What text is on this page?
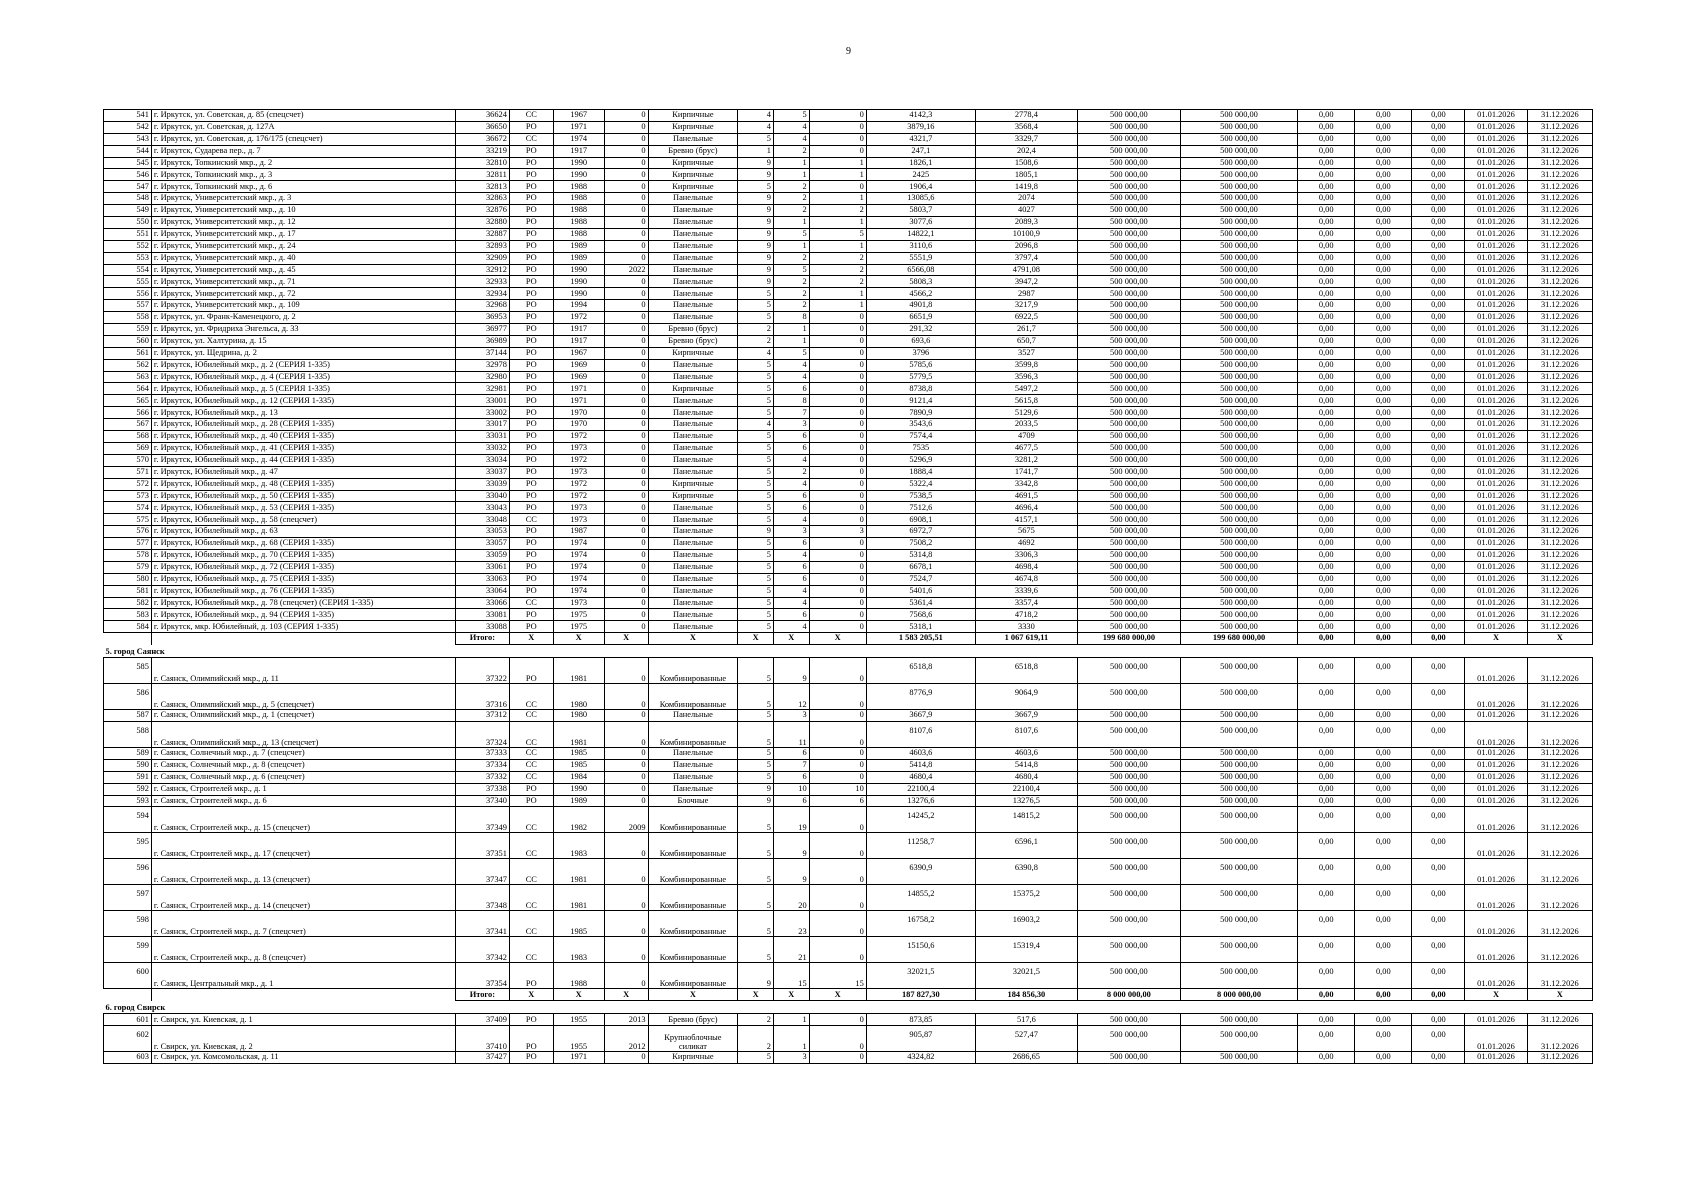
9
541	г. Иркутск, ул. Советская, д. 85 (спецсчет)	36624	СС	1967	0	Кирпичные	4	5	0	4142,3	2778,4	500 000,00	500 000,00	0,00	0,00	0,00	01.01.2026	31.12.2026
542	г. Иркутск, ул. Советская, д. 127А	36650	РО	1971	0	Кирпичные	4	4	0	3879,16	3568,4	500 000,00	500 000,00	0,00	0,00	0,00	01.01.2026	31.12.2026
543	г. Иркутск, ул. Советская, д. 176/175 (спецсчет)	36672	СС	1974	0	Панельные	5	4	0	4321,7	3329,7	500 000,00	500 000,00	0,00	0,00	0,00	01.01.2026	31.12.2026
544	г. Иркутск, Сударева пер., д. 7	33219	РО	1917	0	Бревно (брус)	1	2	0	247,1	202,4	500 000,00	500 000,00	0,00	0,00	0,00	01.01.2026	31.12.2026
545	г. Иркутск, Топкинский мкр., д. 2	32810	РО	1990	0	Кирпичные	9	1	1	1826,1	1508,6	500 000,00	500 000,00	0,00	0,00	0,00	01.01.2026	31.12.2026
546	г. Иркутск, Топкинский мкр., д. 3	32811	РО	1990	0	Кирпичные	9	1	1	2425	1805,1	500 000,00	500 000,00	0,00	0,00	0,00	01.01.2026	31.12.2026
547	г. Иркутск, Топкинский мкр., д. 6	32813	РО	1988	0	Кирпичные	5	2	0	1906,4	1419,8	500 000,00	500 000,00	0,00	0,00	0,00	01.01.2026	31.12.2026
548	г. Иркутск, Университетский мкр., д. 3	32863	РО	1988	0	Панельные	9	2	1	13085,6	2074	500 000,00	500 000,00	0,00	0,00	0,00	01.01.2026	31.12.2026
549	г. Иркутск, Университетский мкр., д. 10	32876	РО	1988	0	Панельные	9	2	2	5803,7	4027	500 000,00	500 000,00	0,00	0,00	0,00	01.01.2026	31.12.2026
550	г. Иркутск, Университетский мкр., д. 12	32880	РО	1988	0	Панельные	9	1	1	3077,6	2089,3	500 000,00	500 000,00	0,00	0,00	0,00	01.01.2026	31.12.2026
551	г. Иркутск, Университетский мкр., д. 17	32887	РО	1988	0	Панельные	9	5	5	14822,1	10100,9	500 000,00	500 000,00	0,00	0,00	0,00	01.01.2026	31.12.2026
552	г. Иркутск, Университетский мкр., д. 24	32893	РО	1989	0	Панельные	9	1	1	3110,6	2096,8	500 000,00	500 000,00	0,00	0,00	0,00	01.01.2026	31.12.2026
553	г. Иркутск, Университетский мкр., д. 40	32909	РО	1989	0	Панельные	9	2	2	5551,9	3797,4	500 000,00	500 000,00	0,00	0,00	0,00	01.01.2026	31.12.2026
554	г. Иркутск, Университетский мкр., д. 45	32912	РО	1990	2022	Панельные	9	5	2	6566,08	4791,08	500 000,00	500 000,00	0,00	0,00	0,00	01.01.2026	31.12.2026
555	г. Иркутск, Университетский мкр., д. 71	32933	РО	1990	0	Панельные	9	2	2	5808,3	3947,2	500 000,00	500 000,00	0,00	0,00	0,00	01.01.2026	31.12.2026
556	г. Иркутск, Университетский мкр., д. 72	32934	РО	1990	0	Панельные	5	2	1	4566,2	2987	500 000,00	500 000,00	0,00	0,00	0,00	01.01.2026	31.12.2026
557	г. Иркутск, Университетский мкр., д. 109	32968	РО	1994	0	Панельные	5	2	1	4901,8	3217,9	500 000,00	500 000,00	0,00	0,00	0,00	01.01.2026	31.12.2026
558	г. Иркутск, ул. Франк-Каменецкого, д. 2	36953	РО	1972	0	Панельные	5	8	0	6651,9	6922,5	500 000,00	500 000,00	0,00	0,00	0,00	01.01.2026	31.12.2026
559	г. Иркутск, ул. Фридриха Энгельса, д. 33	36977	РО	1917	0	Бревно (брус)	2	1	0	291,32	261,7	500 000,00	500 000,00	0,00	0,00	0,00	01.01.2026	31.12.2026
560	г. Иркутск, ул. Халтурина, д. 15	36989	РО	1917	0	Бревно (брус)	2	1	0	693,6	650,7	500 000,00	500 000,00	0,00	0,00	0,00	01.01.2026	31.12.2026
561	г. Иркутск, ул. Щедрина, д. 2	37144	РО	1967	0	Кирпичные	4	5	0	3796	3527	500 000,00	500 000,00	0,00	0,00	0,00	01.01.2026	31.12.2026
562	г. Иркутск, Юбилейный мкр., д. 2 (СЕРИЯ 1-335)	32978	РО	1969	0	Панельные	5	4	0	5785,6	3599,8	500 000,00	500 000,00	0,00	0,00	0,00	01.01.2026	31.12.2026
563	г. Иркутск, Юбилейный мкр., д. 4 (СЕРИЯ 1-335)	32980	РО	1969	0	Панельные	5	4	0	5779,5	3596,3	500 000,00	500 000,00	0,00	0,00	0,00	01.01.2026	31.12.2026
564	г. Иркутск, Юбилейный мкр., д. 5 (СЕРИЯ 1-335)	32981	РО	1971	0	Кирпичные	5	6	0	8738,8	5497,2	500 000,00	500 000,00	0,00	0,00	0,00	01.01.2026	31.12.2026
565	г. Иркутск, Юбилейный мкр., д. 12 (СЕРИЯ 1-335)	33001	РО	1971	0	Панельные	5	8	0	9121,4	5615,8	500 000,00	500 000,00	0,00	0,00	0,00	01.01.2026	31.12.2026
566	г. Иркутск, Юбилейный мкр., д. 13	33002	РО	1970	0	Панельные	5	7	0	7890,9	5129,6	500 000,00	500 000,00	0,00	0,00	0,00	01.01.2026	31.12.2026
567	г. Иркутск, Юбилейный мкр., д. 28 (СЕРИЯ 1-335)	33017	РО	1970	0	Панельные	4	3	0	3543,6	2033,5	500 000,00	500 000,00	0,00	0,00	0,00	01.01.2026	31.12.2026
568	г. Иркутск, Юбилейный мкр., д. 40 (СЕРИЯ 1-335)	33031	РО	1972	0	Панельные	5	6	0	7574,4	4709	500 000,00	500 000,00	0,00	0,00	0,00	01.01.2026	31.12.2026
569	г. Иркутск, Юбилейный мкр., д. 41 (СЕРИЯ 1-335)	33032	РО	1973	0	Панельные	5	6	0	7535	4677,5	500 000,00	500 000,00	0,00	0,00	0,00	01.01.2026	31.12.2026
570	г. Иркутск, Юбилейный мкр., д. 44 (СЕРИЯ 1-335)	33034	РО	1972	0	Панельные	5	4	0	5296,9	3281,2	500 000,00	500 000,00	0,00	0,00	0,00	01.01.2026	31.12.2026
571	г. Иркутск, Юбилейный мкр., д. 47	33037	РО	1973	0	Панельные	5	2	0	1888,4	1741,7	500 000,00	500 000,00	0,00	0,00	0,00	01.01.2026	31.12.2026
572	г. Иркутск, Юбилейный мкр., д. 48 (СЕРИЯ 1-335)	33039	РО	1972	0	Кирпичные	5	4	0	5322,4	3342,8	500 000,00	500 000,00	0,00	0,00	0,00	01.01.2026	31.12.2026
573	г. Иркутск, Юбилейный мкр., д. 50 (СЕРИЯ 1-335)	33040	РО	1972	0	Кирпичные	5	6	0	7538,5	4691,5	500 000,00	500 000,00	0,00	0,00	0,00	01.01.2026	31.12.2026
574	г. Иркутск, Юбилейный мкр., д. 53 (СЕРИЯ 1-335)	33043	РО	1973	0	Панельные	5	6	0	7512,6	4696,4	500 000,00	500 000,00	0,00	0,00	0,00	01.01.2026	31.12.2026
575	г. Иркутск, Юбилейный мкр., д. 58 (спецсчет)	33048	СС	1973	0	Панельные	5	4	0	6908,1	4157,1	500 000,00	500 000,00	0,00	0,00	0,00	01.01.2026	31.12.2026
576	г. Иркутск, Юбилейный мкр., д. 63	33053	РО	1987	0	Панельные	9	3	3	6972,7	5675	500 000,00	500 000,00	0,00	0,00	0,00	01.01.2026	31.12.2026
577	г. Иркутск, Юбилейный мкр., д. 68 (СЕРИЯ 1-335)	33057	РО	1974	0	Панельные	5	6	0	7508,2	4692	500 000,00	500 000,00	0,00	0,00	0,00	01.01.2026	31.12.2026
578	г. Иркутск, Юбилейный мкр., д. 70 (СЕРИЯ 1-335)	33059	РО	1974	0	Панельные	5	4	0	5314,8	3306,3	500 000,00	500 000,00	0,00	0,00	0,00	01.01.2026	31.12.2026
579	г. Иркутск, Юбилейный мкр., д. 72 (СЕРИЯ 1-335)	33061	РО	1974	0	Панельные	5	6	0	6678,1	4698,4	500 000,00	500 000,00	0,00	0,00	0,00	01.01.2026	31.12.2026
580	г. Иркутск, Юбилейный мкр., д. 75 (СЕРИЯ 1-335)	33063	РО	1974	0	Панельные	5	6	0	7524,7	4674,8	500 000,00	500 000,00	0,00	0,00	0,00	01.01.2026	31.12.2026
581	г. Иркутск, Юбилейный мкр., д. 76 (СЕРИЯ 1-335)	33064	РО	1974	0	Панельные	5	4	0	5401,6	3339,6	500 000,00	500 000,00	0,00	0,00	0,00	01.01.2026	31.12.2026
582	г. Иркутск, Юбилейный мкр., д. 78 (спецсчет) (СЕРИЯ 1-335)	33066	СС	1973	0	Панельные	5	4	0	5361,4	3357,4	500 000,00	500 000,00	0,00	0,00	0,00	01.01.2026	31.12.2026
583	г. Иркутск, Юбилейный мкр., д. 94 (СЕРИЯ 1-335)	33081	РО	1975	0	Панельные	5	6	0	7568,6	4718,2	500 000,00	500 000,00	0,00	0,00	0,00	01.01.2026	31.12.2026
584	г. Иркутск, мкр. Юбилейный, д. 103 (СЕРИЯ 1-335)	33088	РО	1975	0	Панельные	5	4	0	5318,1	3330	500 000,00	500 000,00	0,00	0,00	0,00	01.01.2026	31.12.2026
		Итого:	X	X	X	X	X	X	X	1 583 205,51	1 067 619,11	199 680 000,00	199 680 000,00	0,00	0,00	0,00	X	X
5. город Саянск																		
585	г. Саянск, Олимпийский мкр., д. 11	37322	РО	1981	0	Комбинированные	5	9	0	6518,8	6518,8	500 000,00	500 000,00	0,00	0,00	0,00	01.01.2026	31.12.2026
586	г. Саянск, Олимпийский мкр., д. 5 (спецсчет)	37316	СС	1980	0	Комбинированные	5	12	0	8776,9	9064,9	500 000,00	500 000,00	0,00	0,00	0,00	01.01.2026	31.12.2026
587	г. Саянск, Олимпийский мкр., д. 1 (спецсчет)	37312	СС	1980	0	Панельные	5	3	0	3667,9	3667,9	500 000,00	500 000,00	0,00	0,00	0,00	01.01.2026	31.12.2026
588	г. Саянск, Олимпийский мкр., д. 13 (спецсчет)	37324	СС	1981	0	Комбинированные	5	11	0	8107,6	8107,6	500 000,00	500 000,00	0,00	0,00	0,00	01.01.2026	31.12.2026
589	г. Саянск, Солнечный мкр., д. 7 (спецсчет)	37333	СС	1985	0	Панельные	5	6	0	4603,6	4603,6	500 000,00	500 000,00	0,00	0,00	0,00	01.01.2026	31.12.2026
590	г. Саянск, Солнечный мкр., д. 8 (спецсчет)	37334	СС	1985	0	Панельные	5	7	0	5414,8	5414,8	500 000,00	500 000,00	0,00	0,00	0,00	01.01.2026	31.12.2026
591	г. Саянск, Солнечный мкр., д. 6 (спецсчет)	37332	СС	1984	0	Панельные	5	6	0	4680,4	4680,4	500 000,00	500 000,00	0,00	0,00	0,00	01.01.2026	31.12.2026
592	г. Саянск, Строителей мкр., д. 1	37338	РО	1990	0	Панельные	9	10	10	22100,4	22100,4	500 000,00	500 000,00	0,00	0,00	0,00	01.01.2026	31.12.2026
593	г. Саянск, Строителей мкр., д. 6	37340	РО	1989	0	Блочные	9	6	6	13276,6	13276,5	500 000,00	500 000,00	0,00	0,00	0,00	01.01.2026	31.12.2026
594	г. Саянск, Строителей мкр., д. 15 (спецсчет)	37349	СС	1982	2009	Комбинированные	5	19	0	14245,2	14815,2	500 000,00	500 000,00	0,00	0,00	0,00	01.01.2026	31.12.2026
595	г. Саянск, Строителей мкр., д. 17 (спецсчет)	37351	СС	1983	0	Комбинированные	5	9	0	11258,7	6596,1	500 000,00	500 000,00	0,00	0,00	0,00	01.01.2026	31.12.2026
596	г. Саянск, Строителей мкр., д. 13 (спецсчет)	37347	СС	1981	0	Комбинированные	5	9	0	6390,9	6390,8	500 000,00	500 000,00	0,00	0,00	0,00	01.01.2026	31.12.2026
597	г. Саянск, Строителей мкр., д. 14 (спецсчет)	37348	СС	1981	0	Комбинированные	5	20	0	14855,2	15375,2	500 000,00	500 000,00	0,00	0,00	0,00	01.01.2026	31.12.2026
598	г. Саянск, Строителей мкр., д. 7 (спецсчет)	37341	СС	1985	0	Комбинированные	5	23	0	16758,2	16903,2	500 000,00	500 000,00	0,00	0,00	0,00	01.01.2026	31.12.2026
599	г. Саянск, Строителей мкр., д. 8 (спецсчет)	37342	СС	1983	0	Комбинированные	5	21	0	15150,6	15319,4	500 000,00	500 000,00	0,00	0,00	0,00	01.01.2026	31.12.2026
600	г. Саянск, Центральный мкр., д. 1	37354	РО	1988	0	Комбинированные	9	15	15	32021,5	32021,5	500 000,00	500 000,00	0,00	0,00	0,00	01.01.2026	31.12.2026
		Итого:	X	X	X	X	X	X	X	187 827,30	184 856,30	8 000 000,00	8 000 000,00	0,00	0,00	0,00	X	X
6. город Свирск																		
601	г. Свирск, ул. Киевская, д. 1	37409	РО	1955	2013	Бревно (брус)	2	1	0	873,85	517,6	500 000,00	500 000,00	0,00	0,00	0,00	01.01.2026	31.12.2026
602	г. Свирск, ул. Киевская, д. 2	37410	РО	1955	2012	Крупноблочные силикат	2	1	0	905,87	527,47	500 000,00	500 000,00	0,00	0,00	0,00	01.01.2026	31.12.2026
603	г. Свирск, ул. Комсомольская, д. 11	37427	РО	1971	0	Кирпичные	5	3	0	4324,82	2686,65	500 000,00	500 000,00	0,00	0,00	0,00	01.01.2026	31.12.2026
